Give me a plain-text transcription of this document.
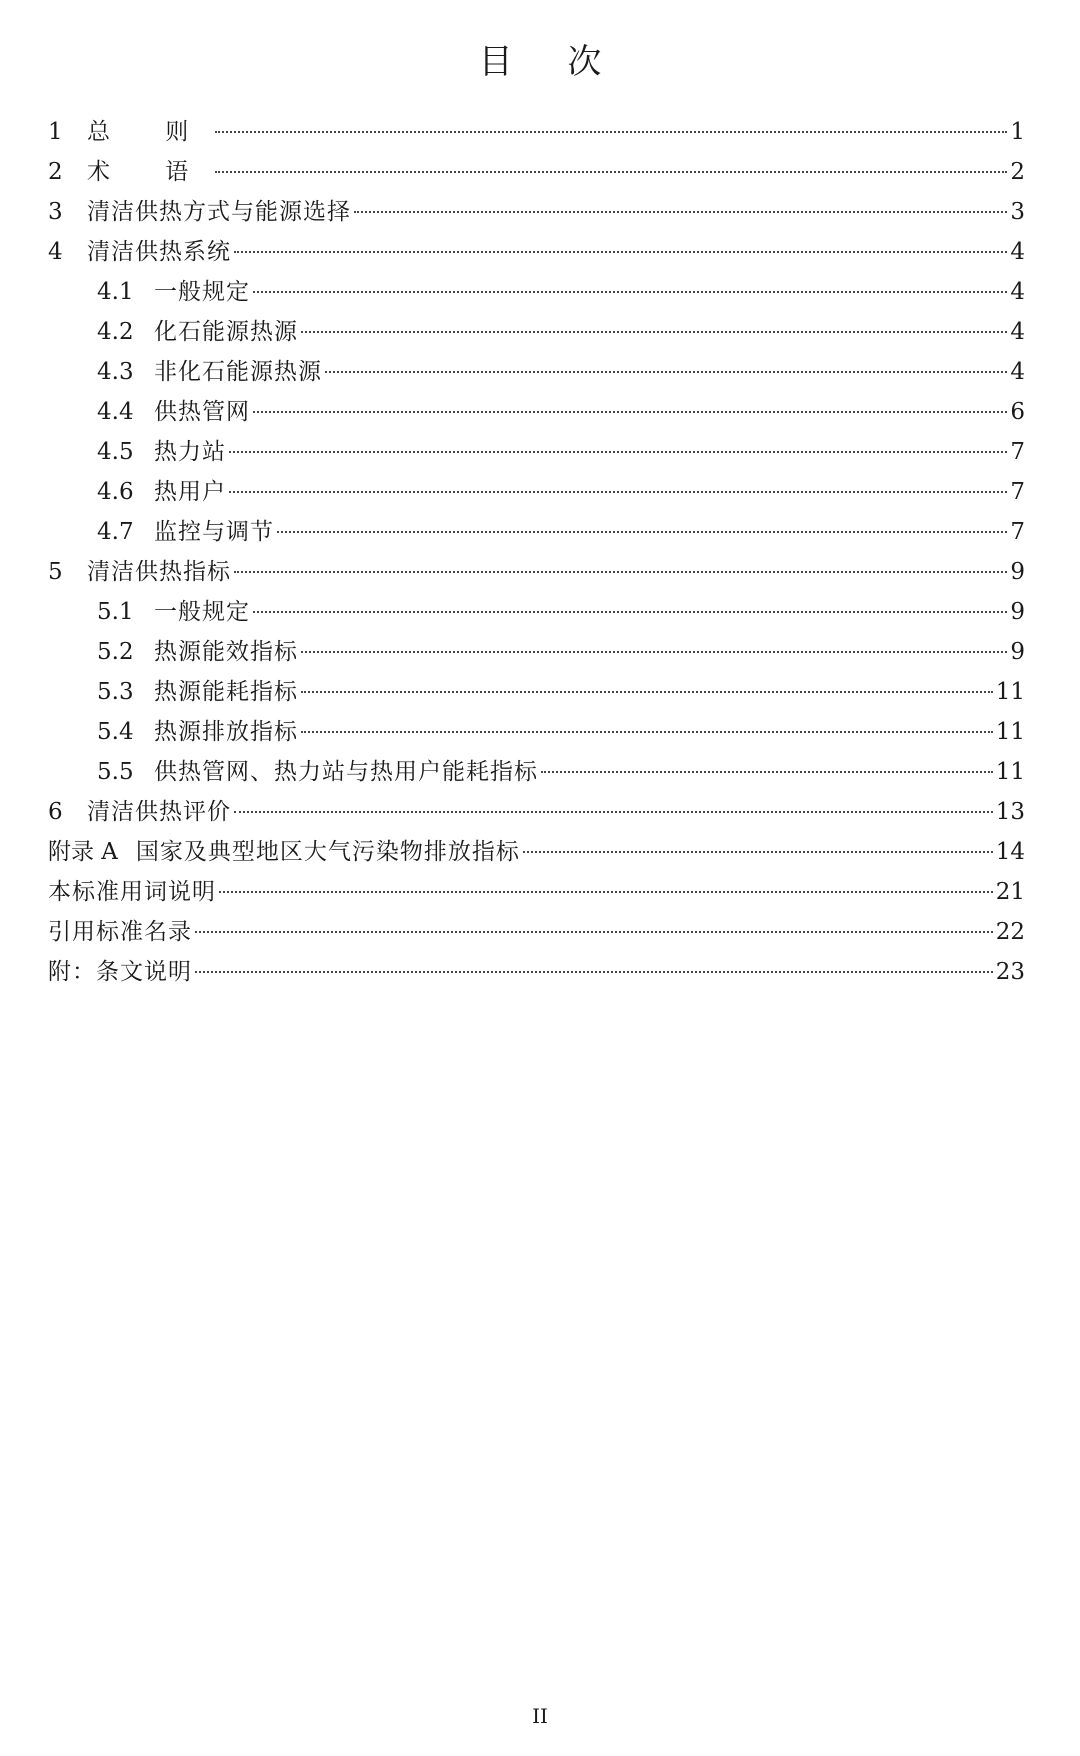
目 次
1	总 则	1
2	术 语	2
3	清洁供热方式与能源选择	3
4	清洁供热系统	4
4.1 一般规定	4
4.2 化石能源热源	4
4.3 非化石能源热源	4
4.4 供热管网	6
4.5 热力站	7
4.6 热用户	7
4.7 监控与调节	7
5	清洁供热指标	9
5.1 一般规定	9
5.2 热源能效指标	9
5.3 热源能耗指标	11
5.4 热源排放指标	11
5.5 供热管网、热力站与热用户能耗指标	11
6	清洁供热评价	13
附录 A 国家及典型地区大气污染物排放指标	14
本标准用词说明	21
引用标准名录	22
附：条文说明	23
II
